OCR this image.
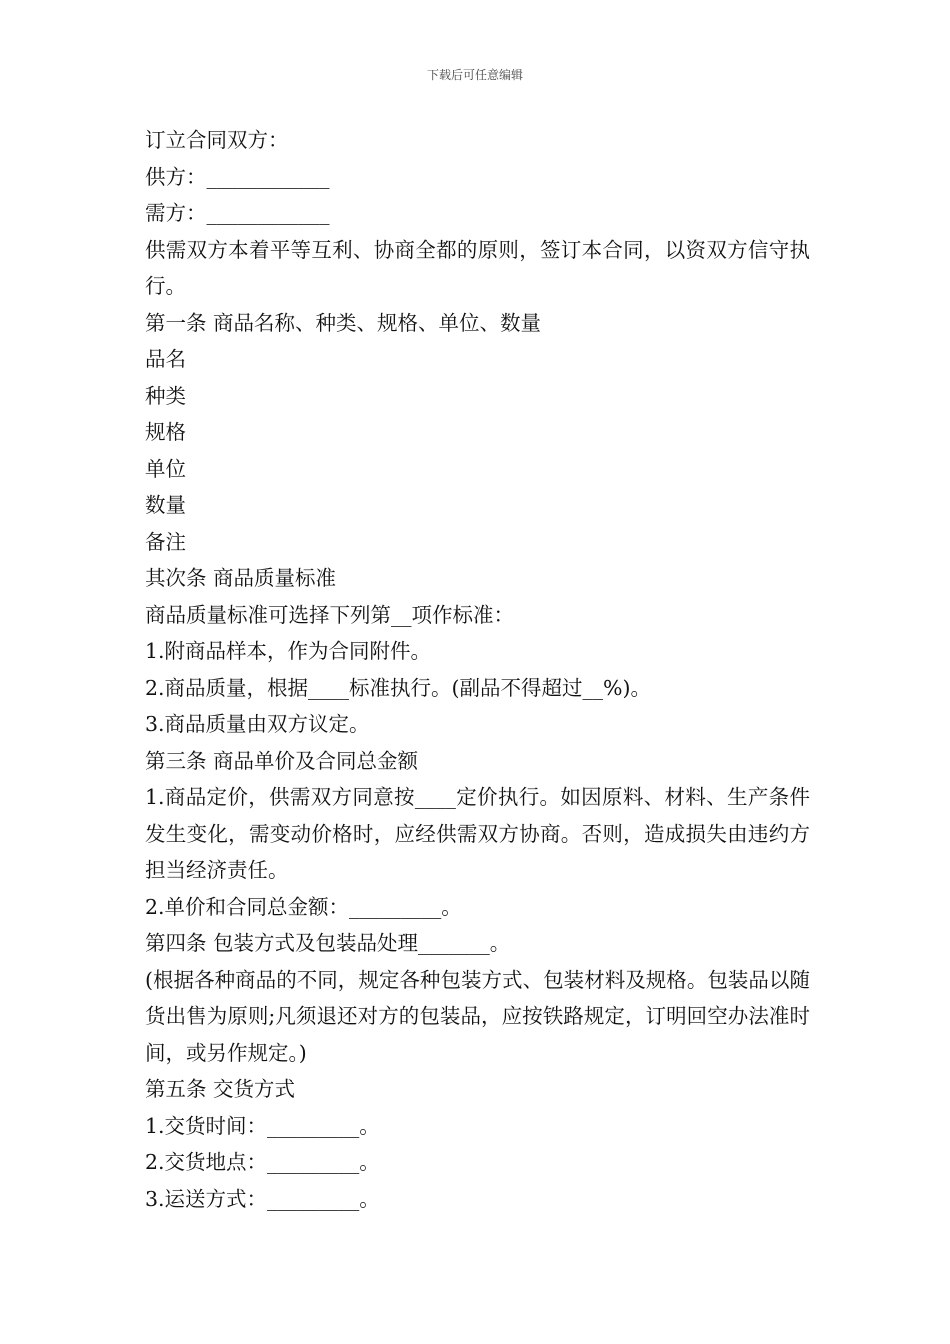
下载后可任意编辑

订立合同双方：

供方：____________

需方：____________

供需双方本着平等互利、协商全都的原则，签订本合同，以资双方信守执行。

第一条 商品名称、种类、规格、单位、数量

品名

种类

规格

单位

数量

备注

其次条 商品质量标准

商品质量标准可选择下列第__项作标准：

1.附商品样本，作为合同附件。

2.商品质量，根据____标准执行。(副品不得超过__%)。

3.商品质量由双方议定。

第三条 商品单价及合同总金额

1.商品定价，供需双方同意按____定价执行。如因原料、材料、生产条件发生变化，需变动价格时，应经供需双方协商。否则，造成损失由违约方担当经济责任。

2.单价和合同总金额：_________。

第四条 包装方式及包装品处理_______。

(根据各种商品的不同，规定各种包装方式、包装材料及规格。包装品以随货出售为原则;凡须退还对方的包装品，应按铁路规定，订明回空办法准时间，或另作规定。)

第五条 交货方式

1.交货时间：_________。

2.交货地点：_________。

3.运送方式：_________。
